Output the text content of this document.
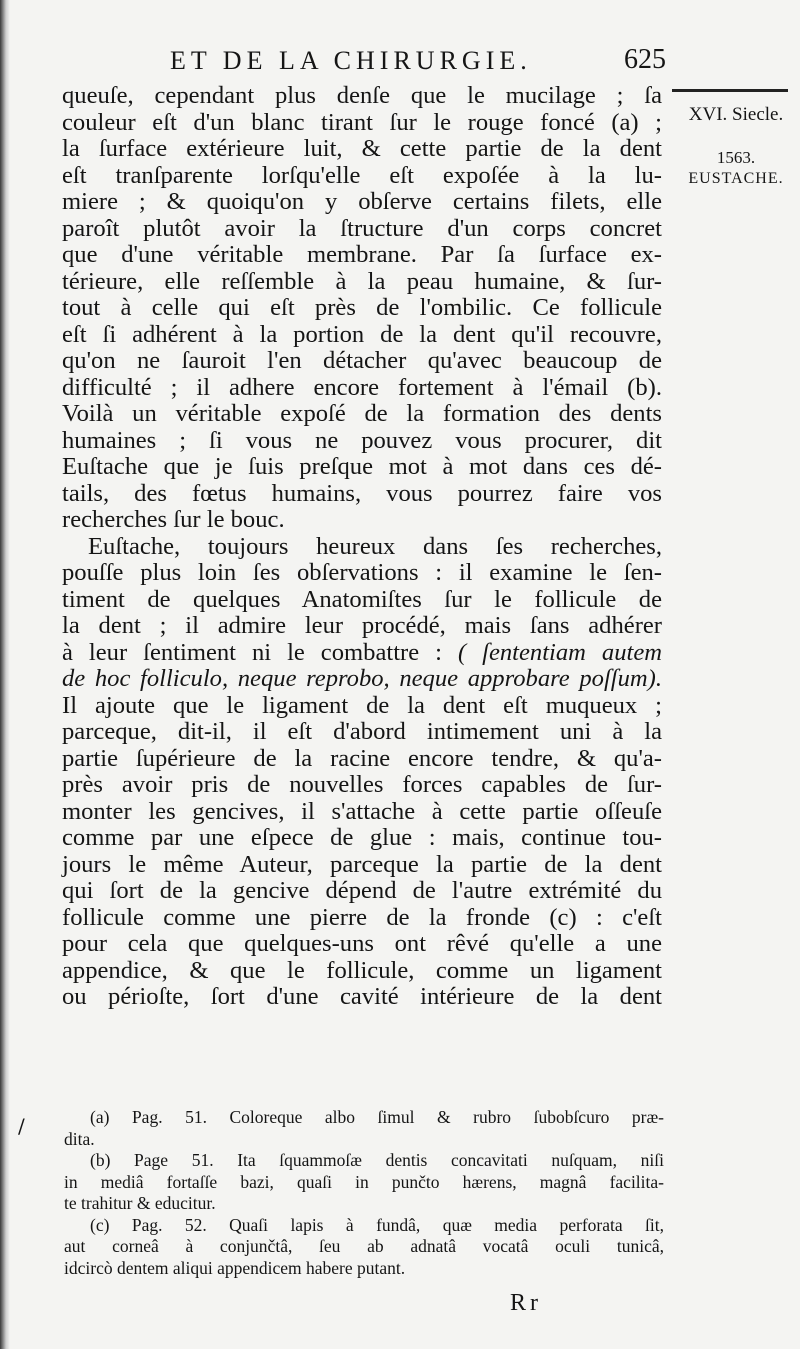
ET DE LA CHIRURGIE.	625
XVI. Siecle.
1563.
EUSTACHE.

queuſe, cependant plus denſe que le mucilage ; ſa
couleur eſt d'un blanc tirant ſur le rouge foncé (a) ;
la ſurface extérieure luit, & cette partie de la dent
eſt tranſparente lorſqu'elle eſt expoſée à la lu-
miere ; & quoiqu'on y obſerve certains filets, elle
paroît plutôt avoir la ſtructure d'un corps concret
que d'une véritable membrane. Par ſa ſurface ex-
térieure, elle reſſemble à la peau humaine, & ſur-
tout à celle qui eſt près de l'ombilic. Ce follicule
eſt ſi adhérent à la portion de la dent qu'il recouvre,
qu'on ne ſauroit l'en détacher qu'avec beaucoup de
difficulté ; il adhere encore fortement à l'émail (b).
Voilà un véritable expoſé de la formation des dents
humaines ; ſi vous ne pouvez vous procurer, dit
Euſtache que je ſuis preſque mot à mot dans ces dé-
tails, des fœtus humains, vous pourrez faire vos
recherches ſur le bouc.

Euſtache, toujours heureux dans ſes recherches,
pouſſe plus loin ſes obſervations : il examine le ſen-
timent de quelques Anatomiſtes ſur le follicule de
la dent ; il admire leur procédé, mais ſans adhérer
à leur ſentiment ni le combattre : ( ſententiam autem
de hoc folliculo, neque reprobo, neque approbare poſſum).
Il ajoute que le ligament de la dent eſt muqueux ;
parceque, dit-il, il eſt d'abord intimement uni à la
partie ſupérieure de la racine encore tendre, & qu'a-
près avoir pris de nouvelles forces capables de ſur-
monter les gencives, il s'attache à cette partie oſſeuſe
comme par une eſpece de glue : mais, continue tou-
jours le même Auteur, parceque la partie de la dent
qui ſort de la gencive dépend de l'autre extrémité du
follicule comme une pierre de la fronde (c) : c'eſt
pour cela que quelques-uns ont rêvé qu'elle a une
appendice, & que le follicule, comme un ligament
ou périoſte, ſort d'une cavité intérieure de la dent

/	(a) Pag. 51. Coloreque albo ſimul & rubro ſubobſcuro præ-
dita.
(b) Page 51. Ita ſquammoſæ dentis concavitati nuſquam, niſi
in mediâ fortaſſe bazi, quaſi in punčto hærens, magnâ facilita-
te trahitur & educitur.
(c) Pag. 52. Quaſi lapis à fundâ, quæ media perforata ſit,
aut corneâ à conjunčtâ, ſeu ab adnatâ vocatâ oculi tunicâ,
idcircò dentem aliqui appendicem habere putant.
Rr
